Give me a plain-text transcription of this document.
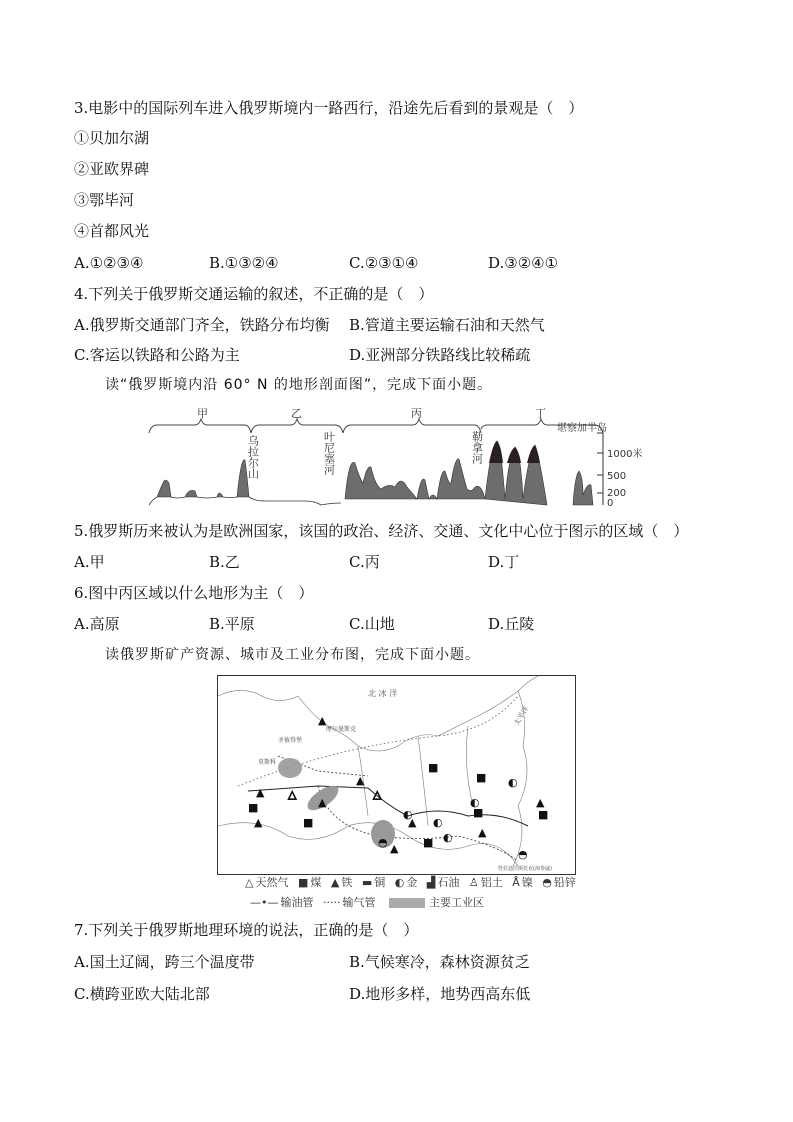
3.电影中的国际列车进入俄罗斯境内一路西行，沿途先后看到的景观是（　）
①贝加尔湖
②亚欧界碑
③鄂毕河
④首都风光
A.①②③④	B.①③②④	C.②③①④	D.③②④①
4.下列关于俄罗斯交通运输的叙述，不正确的是（　）
A.俄罗斯交通部门齐全，铁路分布均衡 B.管道主要运输石油和天然气
C.客运以铁路和公路为主	D.亚洲部分铁路线比较稀疏
读“俄罗斯境内沿 60° N 的地形剖面图”，完成下面小题。
甲	乙	丙	丁
乌拉尔山	叶尼塞河	勒拿河
堪察加半岛
1000米
500
200
0
5.俄罗斯历来被认为是欧洲国家，该国的政治、经济、交通、文化中心位于图示的区域（　）
A.甲	B.乙	C.丙	D.丁
6.图中丙区域以什么地形为主（　）
A.高原	B.平原	C.山地	D.丘陵
读俄罗斯矿产资源、城市及工业分布图，完成下面小题。
▲
■
▲
▲
▲
▲
△
△
■
■ ◐
■
◐
▲
◐
■
▲
■
◐
■ ◐ ▲
◓ ▲	◓
北 冰 洋
太平洋
摩尔曼斯克
圣彼得堡
莫斯科
符拉迪沃斯托克(海参崴)
△ 天然气 ■ 煤 ▲ 铁 ▬ 铜 ◐ 金 ▟ 石油 ♙ 铝土 Å 镍 ◓ 铅锌
—•— 输油管 ····· 输气管	主要工业区
7.下列关于俄罗斯地理环境的说法，正确的是（　）
A.国土辽阔，跨三个温度带	B.气候寒冷，森林资源贫乏
C.横跨亚欧大陆北部	D.地形多样，地势西高东低
